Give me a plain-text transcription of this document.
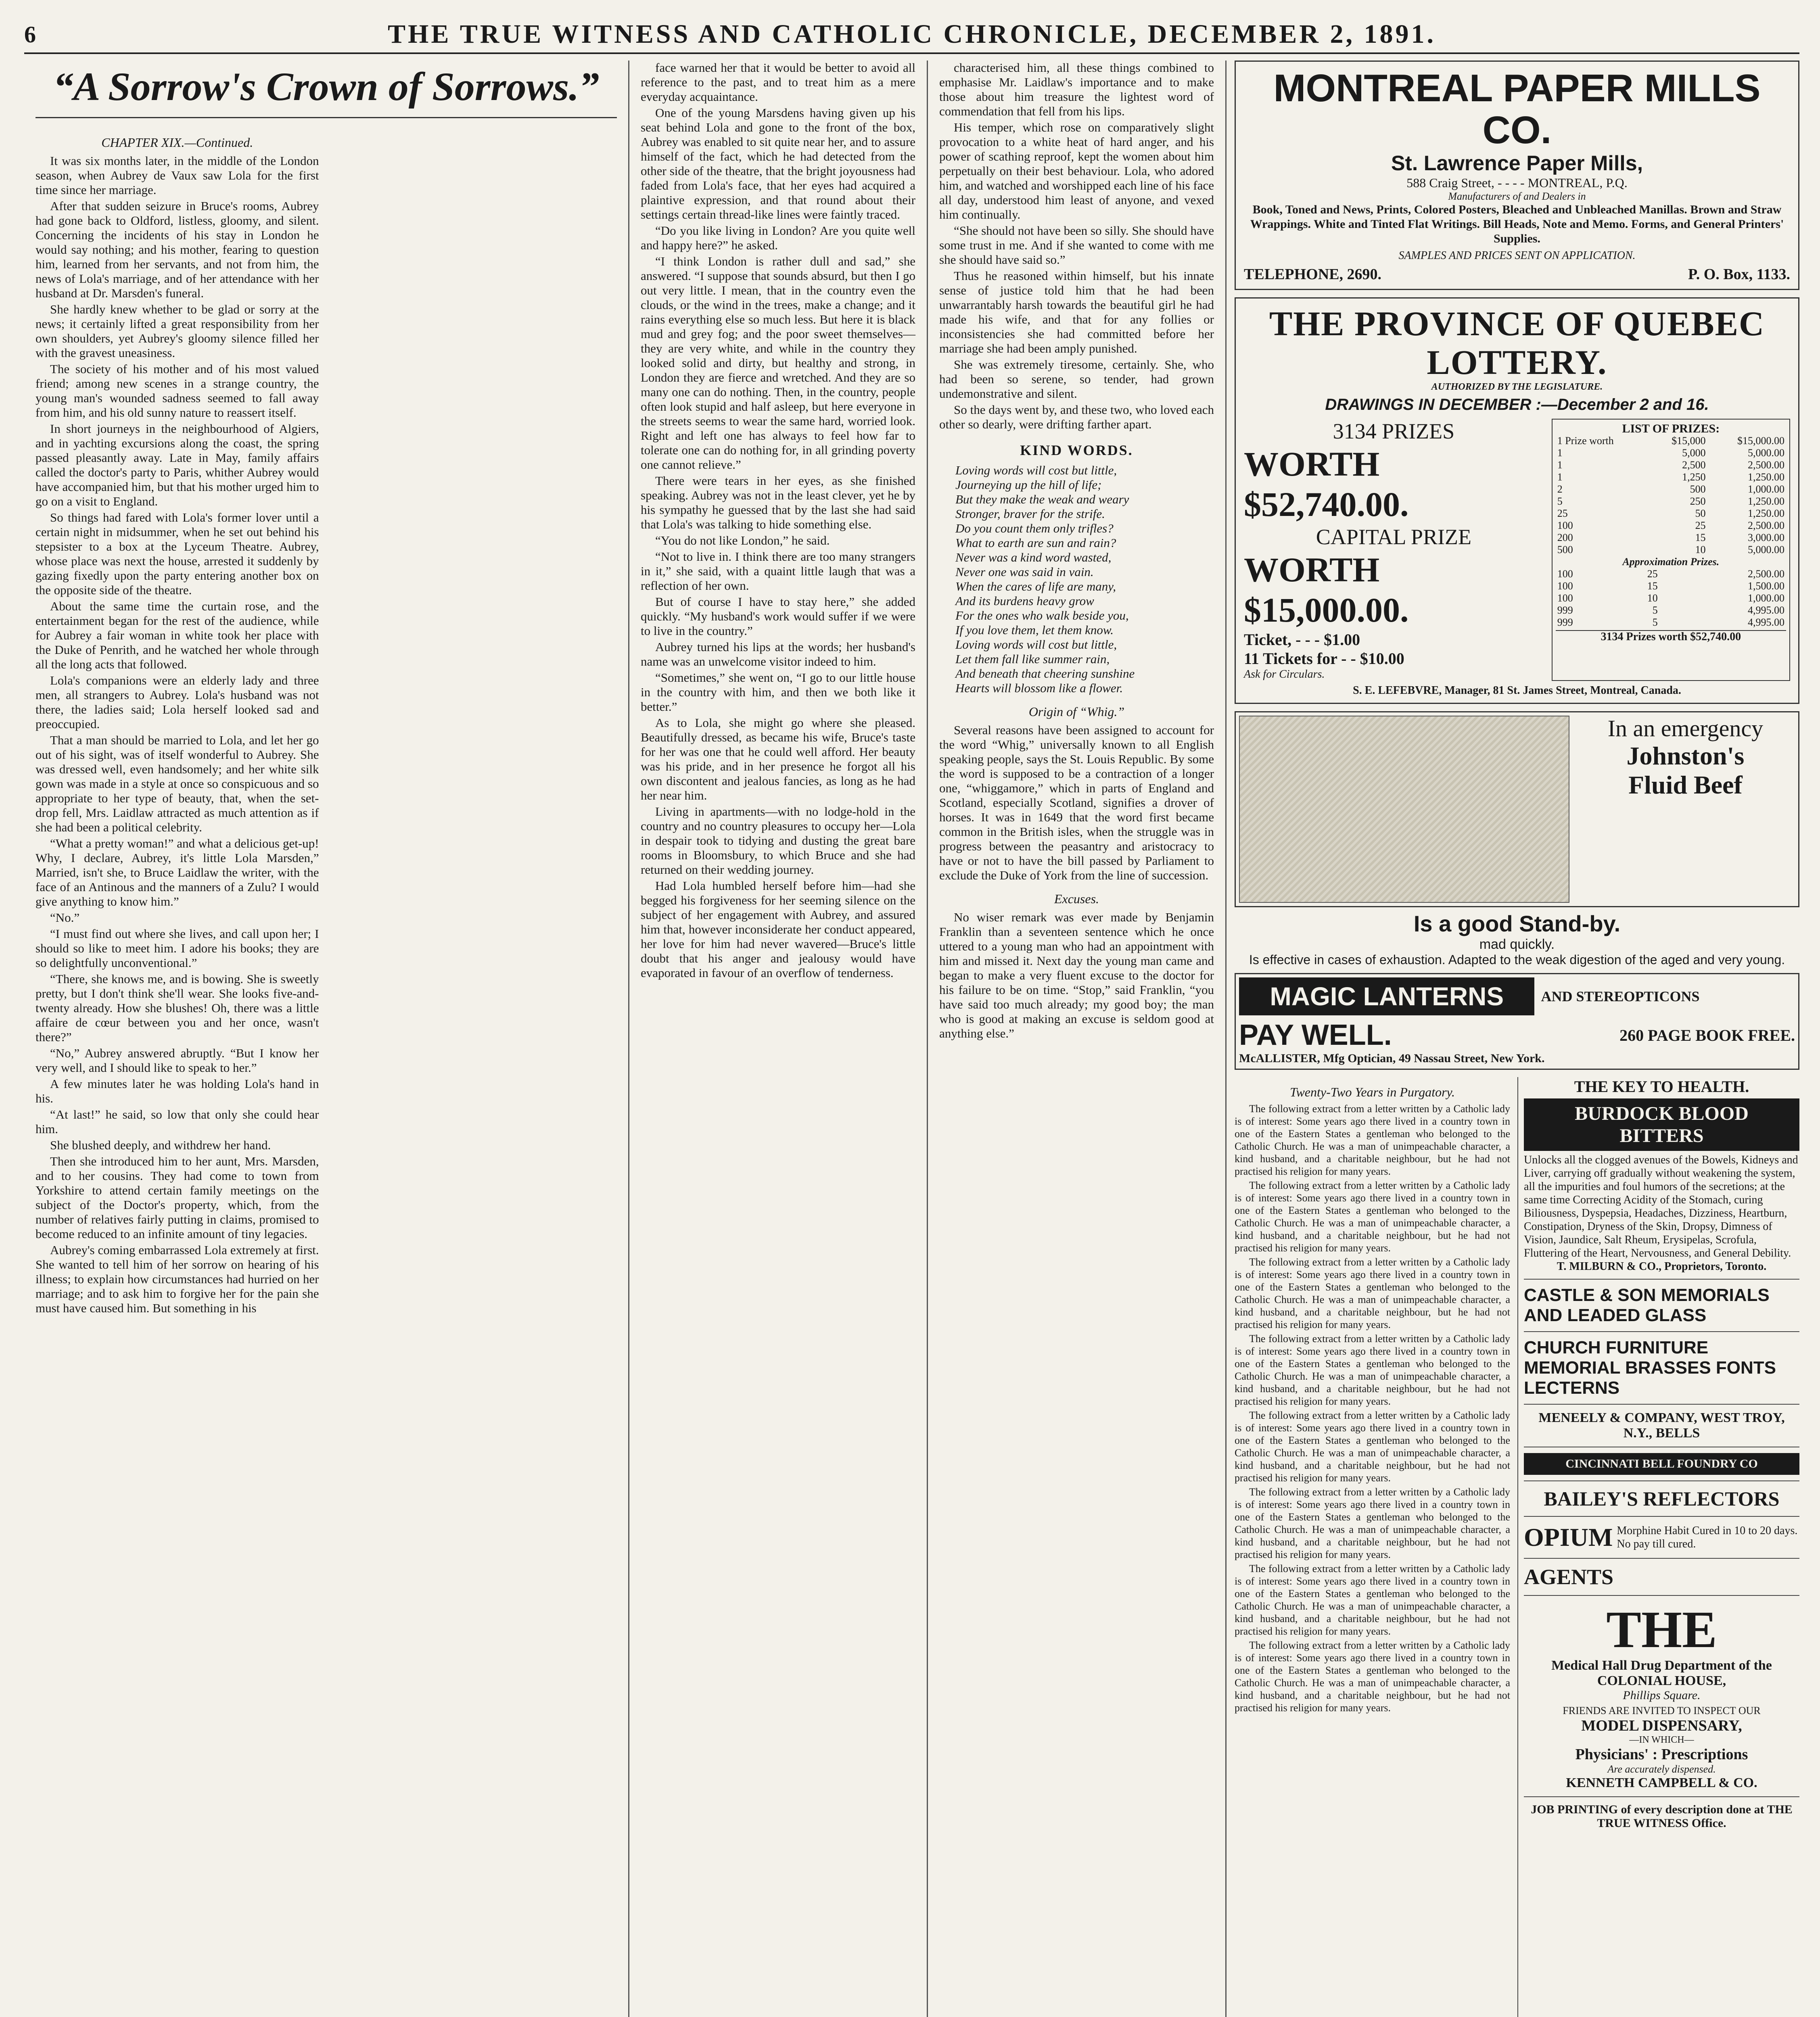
6	THE TRUE WITNESS AND CATHOLIC CHRONICLE, DECEMBER 2, 1891.
“A Sorrow's Crown of Sorrows.”
CHAPTER XIX.—Continued.

It was six months later, in the middle of the London season, when Aubrey de Vaux saw Lola for the first time since her marriage.

After that sudden seizure in Bruce's rooms, Aubrey had gone back to Oldford, listless, gloomy, and silent. Concerning the incidents of his stay in London he would say nothing; and his mother, fearing to question him, learned from her servants, and not from him, the news of Lola's marriage, and of her attendance with her husband at Dr. Marsden's funeral.

She hardly knew whether to be glad or sorry at the news; it certainly lifted a great responsibility from her own shoulders, yet Aubrey's gloomy silence filled her with the gravest uneasiness.

The society of his mother and of his most valued friend; among new scenes in a strange country, the young man's wounded sadness seemed to fall away from him, and his old sunny nature to reassert itself.

In short journeys in the neighbourhood of Algiers, and in yachting excursions along the coast, the spring passed pleasantly away. Late in May, family affairs called the doctor's party to Paris, whither Aubrey would have accompanied him, but that his mother urged him to go on a visit to England.

So things had fared with Lola's former lover until a certain night in midsummer, when he set out behind his stepsister to a box at the Lyceum Theatre. Aubrey, whose place was next the house, arrested it suddenly by gazing fixedly upon the party entering another box on the opposite side of the theatre.

About the same time the curtain rose, and the entertainment began for the rest of the audience, while for Aubrey a fair woman in white took her place with the Duke of Penrith, and he watched her whole through all the long acts that followed.

Lola's companions were an elderly lady and three men, all strangers to Aubrey. Lola's husband was not there, the ladies said; Lola herself looked sad and preoccupied.

That a man should be married to Lola, and let her go out of his sight, was of itself wonderful to Aubrey. She was dressed well, even handsomely; and her white silk gown was made in a style at once so conspicuous and so appropriate to her type of beauty, that, when the set-drop fell, Mrs. Laidlaw attracted as much attention as if she had been a political celebrity.

“What a pretty woman!” and what a delicious get-up! Why, I declare, Aubrey, it's little Lola Marsden,” Married, isn't she, to Bruce Laidlaw the writer, with the face of an Antinous and the manners of a Zulu? I would give anything to know him.”

“No.”

“I must find out where she lives, and call upon her; I should so like to meet him. I adore his books; they are so delightfully unconventional.”

“There, she knows me, and is bowing. She is sweetly pretty, but I don't think she'll wear. She looks five-and-twenty already. How she blushes! Oh, there was a little affaire de cœur between you and her once, wasn't there?”

“No,” Aubrey answered abruptly. “But I know her very well, and I should like to speak to her.”

A few minutes later he was holding Lola's hand in his.

“At last!” he said, so low that only she could hear him.

She blushed deeply, and withdrew her hand.

Then she introduced him to her aunt, Mrs. Marsden, and to her cousins. They had come to town from Yorkshire to attend certain family meetings on the subject of the Doctor's property, which, from the number of relatives fairly putting in claims, promised to become reduced to an infinite amount of tiny legacies.

Aubrey's coming embarrassed Lola extremely at first. She wanted to tell him of her sorrow on hearing of his illness; to explain how circumstances had hurried on her marriage; and to ask him to forgive her for the pain she must have caused him. But something in his

face warned her that it would be better to avoid all reference to the past, and to treat him as a mere everyday acquaintance.

One of the young Marsdens having given up his seat behind Lola and gone to the front of the box, Aubrey was enabled to sit quite near her, and to assure himself of the fact, which he had detected from the other side of the theatre, that the bright joyousness had faded from Lola's face, that her eyes had acquired a plaintive expression, and that round about their settings certain thread-like lines were faintly traced.

“Do you like living in London? Are you quite well and happy here?” he asked.

“I think London is rather dull and sad,” she answered. “I suppose that sounds absurd, but then I go out very little. I mean, that in the country even the clouds, or the wind in the trees, make a change; and it rains everything else so much less. But here it is black mud and grey fog; and the poor sweet themselves—they are very white, and while in the country they looked solid and dirty, but healthy and strong, in London they are fierce and wretched. And they are so many one can do nothing. Then, in the country, people often look stupid and half asleep, but here everyone in the streets seems to wear the same hard, worried look. Right and left one has always to feel how far to tolerate one can do nothing for, in all grinding poverty one cannot relieve.”

There were tears in her eyes, as she finished speaking. Aubrey was not in the least clever, yet he by his sympathy he guessed that by the last she had said that Lola's was talking to hide something else.

“You do not like London,” he said.

“Not to live in. I think there are too many strangers in it,” she said, with a quaint little laugh that was a reflection of her own.

But of course I have to stay here,” she added quickly. “My husband's work would suffer if we were to live in the country.”

Aubrey turned his lips at the words; her husband's name was an unwelcome visitor indeed to him.

“Sometimes,” she went on, “I go to our little house in the country with him, and then we both like it better.”

As to Lola, she might go where she pleased. Beautifully dressed, as became his wife, Bruce's taste for her was one that he could well afford. Her beauty was his pride, and in her presence he forgot all his own discontent and jealous fancies, as long as he had her near him.

Living in apartments—with no lodge-hold in the country and no country pleasures to occupy her—Lola in despair took to tidying and dusting the great bare rooms in Bloomsbury, to which Bruce and she had returned on their wedding journey.

Had Lola humbled herself before him—had she begged his forgiveness for her seeming silence on the subject of her engagement with Aubrey, and assured him that, however inconsiderate her conduct appeared, her love for him had never wavered—Bruce's little doubt that his anger and jealousy would have evaporated in favour of an overflow of tenderness.

characterised him, all these things combined to emphasise Mr. Laidlaw's importance and to make those about him treasure the lightest word of commendation that fell from his lips.

His temper, which rose on comparatively slight provocation to a white heat of hard anger, and his power of scathing reproof, kept the women about him perpetually on their best behaviour. Lola, who adored him, and watched and worshipped each line of his face all day, understood him least of anyone, and vexed him continually.

“She should not have been so silly. She should have some trust in me. And if she wanted to come with me she should have said so.”

Thus he reasoned within himself, but his innate sense of justice told him that he had been unwarrantably harsh towards the beautiful girl he had made his wife, and that for any follies or inconsistencies she had committed before her marriage she had been amply punished.

She was extremely tiresome, certainly. She, who had been so serene, so tender, had grown undemonstrative and silent.

So the days went by, and these two, who loved each other so dearly, were drifting farther apart.

KIND WORDS.
Loving words will cost but little,
Journeying up the hill of life;
But they make the weak and weary
Stronger, braver for the strife.
Do you count them only trifles?
What to earth are sun and rain?
Never was a kind word wasted,
Never one was said in vain.
When the cares of life are many,
And its burdens heavy grow
For the ones who walk beside you,
If you love them, let them know.
Loving words will cost but little,
Let them fall like summer rain,
And beneath that cheering sunshine
Hearts will blossom like a flower.
Origin of “Whig.”

Several reasons have been assigned to account for the word “Whig,” universally known to all English speaking people, says the St. Louis Republic. By some the word is supposed to be a contraction of a longer one, “whiggamore,” which in parts of England and Scotland, especially Scotland, signifies a drover of horses. It was in 1649 that the word first became common in the British isles, when the struggle was in progress between the peasantry and aristocracy to have or not to have the bill passed by Parliament to exclude the Duke of York from the line of succession.

Excuses.

No wiser remark was ever made by Benjamin Franklin than a seventeen sentence which he once uttered to a young man who had an appointment with him and missed it. Next day the young man came and began to make a very fluent excuse to the doctor for his failure to be on time. “Stop,” said Franklin, “you have said too much already; my good boy; the man who is good at making an excuse is seldom good at anything else.”

MONTREAL PAPER MILLS CO.
St. Lawrence Paper Mills,
588 Craig Street, - - - - MONTREAL, P.Q.
Manufacturers of and Dealers in
Book, Toned and News, Prints, Colored Posters, Bleached and Unbleached Manillas. Brown and Straw Wrappings. White and Tinted Flat Writings. Bill Heads, Note and Memo. Forms, and General Printers' Supplies.
SAMPLES AND PRICES SENT ON APPLICATION.
TELEPHONE, 2690.	P. O. Box, 1133.
THE PROVINCE OF QUEBEC LOTTERY.
AUTHORIZED BY THE LEGISLATURE.
DRAWINGS IN DECEMBER :—December 2 and 16.
3134 PRIZES
WORTH $52,740.00.
CAPITAL PRIZE
WORTH $15,000.00.
Ticket, - - - $1.00
11 Tickets for - - $10.00
Ask for Circulars.
LIST OF PRIZES:
1 Prize worth	$15,000	$15,000.00
1	5,000	5,000.00
1	2,500	2,500.00
1	1,250	1,250.00
2	500	1,000.00
5	250	1,250.00
25	50	1,250.00
100	25	2,500.00
200	15	3,000.00
500	10	5,000.00
Approximation Prizes.
100	25	2,500.00
100	15	1,500.00
100	10	1,000.00
999	5	4,995.00
999	5	4,995.00
3134 Prizes worth $52,740.00
S. E. LEFEBVRE, Manager, 81 St. James Street, Montreal, Canada.
In an emergency
Johnston's
Fluid Beef
Is a good Stand-by.
mad quickly.
Is effective in cases of exhaustion. Adapted to the weak digestion of the aged and very young.
MAGIC LANTERNS	AND STEREOPTICONS
PAY WELL.	260 PAGE BOOK FREE.
McALLISTER, Mfg Optician, 49 Nassau Street, New York.
Twenty-Two Years in Purgatory.

The following extract from a letter written by a Catholic lady is of interest: Some years ago there lived in a country town in one of the Eastern States a gentleman who belonged to the Catholic Church. He was a man of unimpeachable character, a kind husband, and a charitable neighbour, but he had not practised his religion for many years.

The following extract from a letter written by a Catholic lady is of interest: Some years ago there lived in a country town in one of the Eastern States a gentleman who belonged to the Catholic Church. He was a man of unimpeachable character, a kind husband, and a charitable neighbour, but he had not practised his religion for many years.

The following extract from a letter written by a Catholic lady is of interest: Some years ago there lived in a country town in one of the Eastern States a gentleman who belonged to the Catholic Church. He was a man of unimpeachable character, a kind husband, and a charitable neighbour, but he had not practised his religion for many years.

The following extract from a letter written by a Catholic lady is of interest: Some years ago there lived in a country town in one of the Eastern States a gentleman who belonged to the Catholic Church. He was a man of unimpeachable character, a kind husband, and a charitable neighbour, but he had not practised his religion for many years.

The following extract from a letter written by a Catholic lady is of interest: Some years ago there lived in a country town in one of the Eastern States a gentleman who belonged to the Catholic Church. He was a man of unimpeachable character, a kind husband, and a charitable neighbour, but he had not practised his religion for many years.

The following extract from a letter written by a Catholic lady is of interest: Some years ago there lived in a country town in one of the Eastern States a gentleman who belonged to the Catholic Church. He was a man of unimpeachable character, a kind husband, and a charitable neighbour, but he had not practised his religion for many years.

The following extract from a letter written by a Catholic lady is of interest: Some years ago there lived in a country town in one of the Eastern States a gentleman who belonged to the Catholic Church. He was a man of unimpeachable character, a kind husband, and a charitable neighbour, but he had not practised his religion for many years.

The following extract from a letter written by a Catholic lady is of interest: Some years ago there lived in a country town in one of the Eastern States a gentleman who belonged to the Catholic Church. He was a man of unimpeachable character, a kind husband, and a charitable neighbour, but he had not practised his religion for many years.

THE KEY TO HEALTH.
BURDOCK BLOOD BITTERS
Unlocks all the clogged avenues of the Bowels, Kidneys and Liver, carrying off gradually without weakening the system, all the impurities and foul humors of the secretions; at the same time Correcting Acidity of the Stomach, curing Biliousness, Dyspepsia, Headaches, Dizziness, Heartburn, Constipation, Dryness of the Skin, Dropsy, Dimness of Vision, Jaundice, Salt Rheum, Erysipelas, Scrofula, Fluttering of the Heart, Nervousness, and General Debility.
T. MILBURN & CO., Proprietors, Toronto.
CASTLE & SON MEMORIALS AND LEADED GLASS
CHURCH FURNITURE MEMORIAL BRASSES FONTS LECTERNS
MENEELY & COMPANY, WEST TROY, N.Y., BELLS
CINCINNATI BELL FOUNDRY CO
BAILEY'S REFLECTORS
OPIUM Morphine Habit Cured in 10 to 20 days. No pay till cured.
AGENTS
THE
Medical Hall Drug Department of the COLONIAL HOUSE,
Phillips Square.
FRIENDS ARE INVITED TO INSPECT OUR
MODEL DISPENSARY,
—IN WHICH—
Physicians' : Prescriptions
Are accurately dispensed.
KENNETH CAMPBELL & CO.
JOB PRINTING of every description done at THE TRUE WITNESS Office.
